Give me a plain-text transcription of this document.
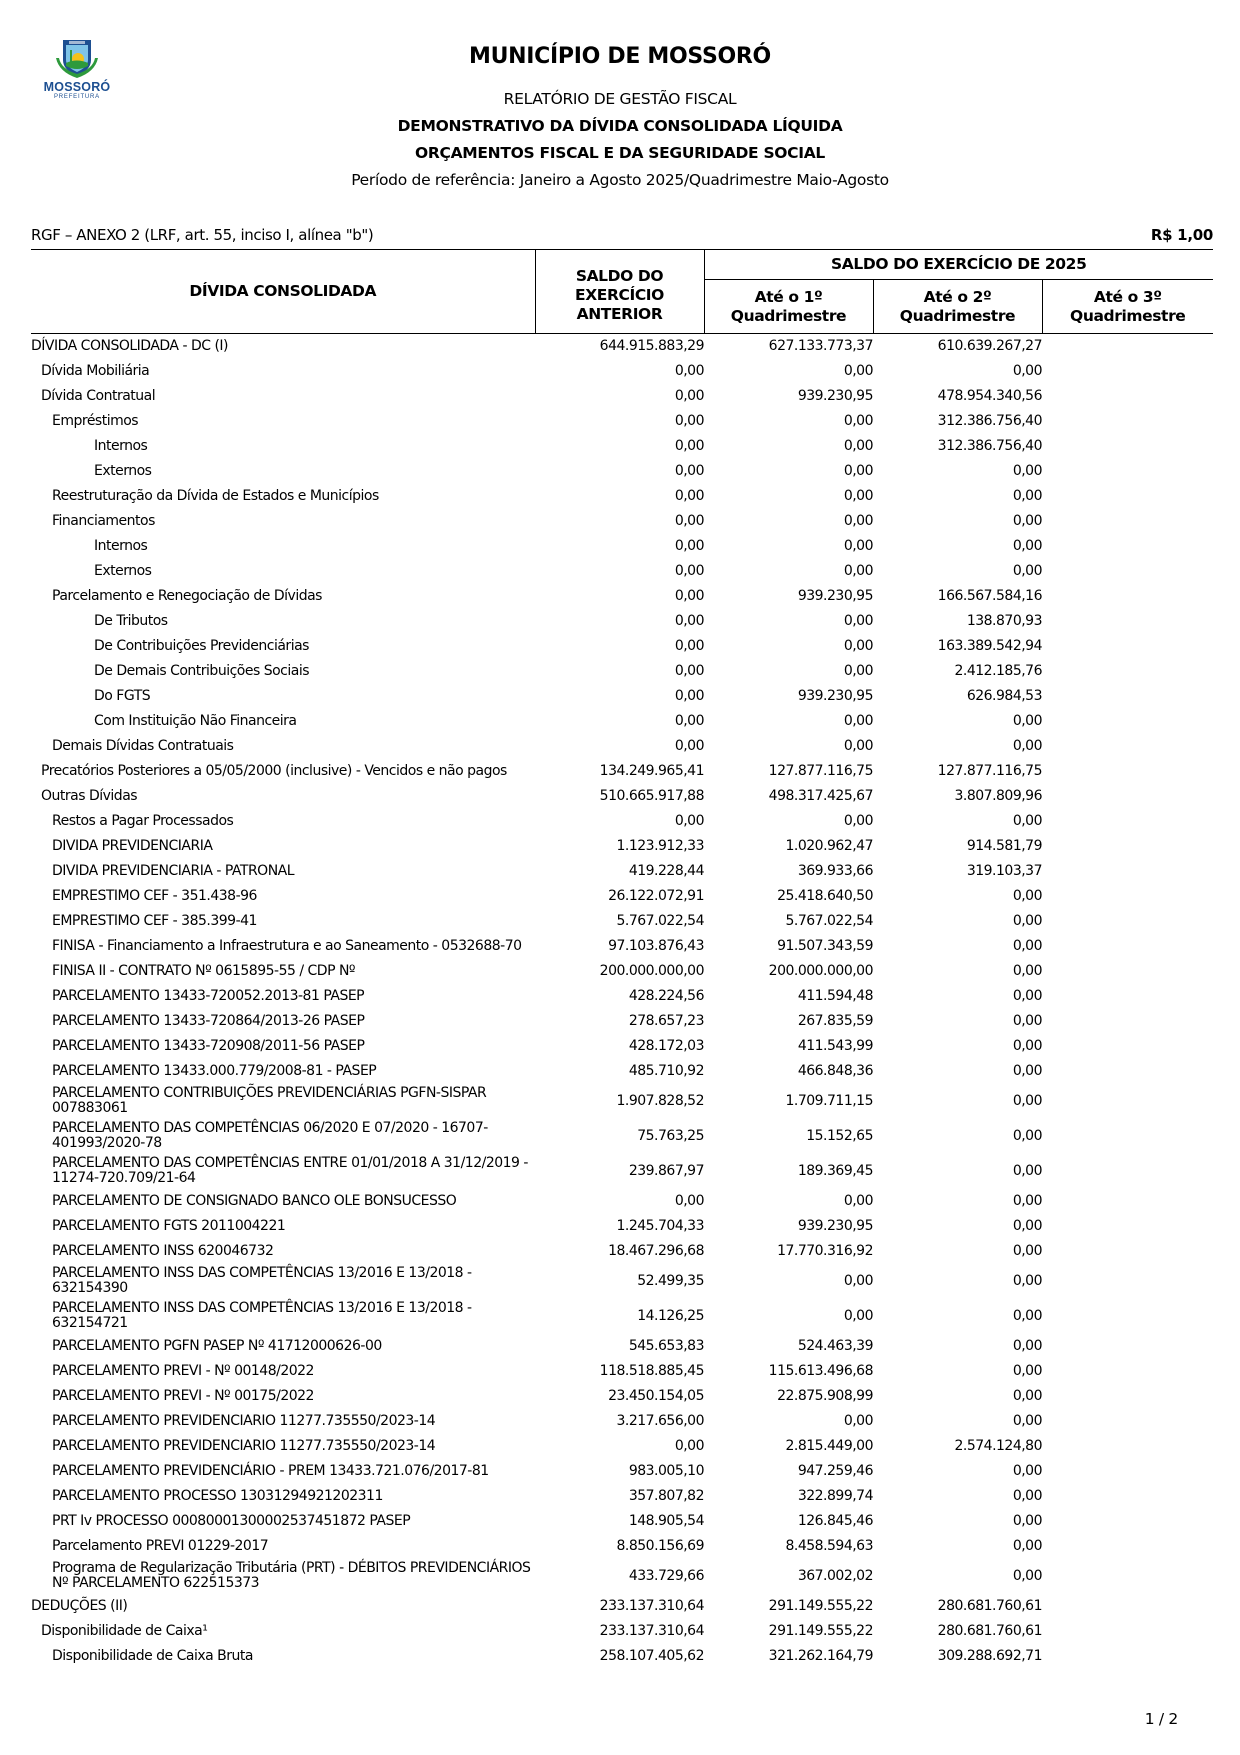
MOSSORÓ
PREFEITURA
MUNICÍPIO DE MOSSORÓ
RELATÓRIO DE GESTÃO FISCAL
DEMONSTRATIVO DA DÍVIDA CONSOLIDADA LÍQUIDA
ORÇAMENTOS FISCAL E DA SEGURIDADE SOCIAL
Período de referência: Janeiro a Agosto 2025/Quadrimestre Maio-Agosto
RGF – ANEXO 2 (LRF, art. 55, inciso I, alínea "b")	R$ 1,00
DÍVIDA CONSOLIDADA	SALDO DO EXERCÍCIO ANTERIOR	SALDO DO EXERCÍCIO DE 2025		
		Até o 1º Quadrimestre	Até o 2º Quadrimestre	Até o 3º Quadrimestre
DÍVIDA CONSOLIDADA - DC (I)	644.915.883,29	627.133.773,37	610.639.267,27	
Dívida Mobiliária	0,00	0,00	0,00	
Dívida Contratual	0,00	939.230,95	478.954.340,56	
Empréstimos	0,00	0,00	312.386.756,40	
Internos	0,00	0,00	312.386.756,40	
Externos	0,00	0,00	0,00	
Reestruturação da Dívida de Estados e Municípios	0,00	0,00	0,00	
Financiamentos	0,00	0,00	0,00	
Internos	0,00	0,00	0,00	
Externos	0,00	0,00	0,00	
Parcelamento e Renegociação de Dívidas	0,00	939.230,95	166.567.584,16	
De Tributos	0,00	0,00	138.870,93	
De Contribuições Previdenciárias	0,00	0,00	163.389.542,94	
De Demais Contribuições Sociais	0,00	0,00	2.412.185,76	
Do FGTS	0,00	939.230,95	626.984,53	
Com Instituição Não Financeira	0,00	0,00	0,00	
Demais Dívidas Contratuais	0,00	0,00	0,00	
Precatórios Posteriores a 05/05/2000 (inclusive) - Vencidos e não pagos	134.249.965,41	127.877.116,75	127.877.116,75	
Outras Dívidas	510.665.917,88	498.317.425,67	3.807.809,96	
Restos a Pagar Processados	0,00	0,00	0,00	
DIVIDA PREVIDENCIARIA	1.123.912,33	1.020.962,47	914.581,79	
DIVIDA PREVIDENCIARIA - PATRONAL	419.228,44	369.933,66	319.103,37	
EMPRESTIMO CEF - 351.438-96	26.122.072,91	25.418.640,50	0,00	
EMPRESTIMO CEF - 385.399-41	5.767.022,54	5.767.022,54	0,00	
FINISA - Financiamento a Infraestrutura e ao Saneamento - 0532688-70	97.103.876,43	91.507.343,59	0,00	
FINISA II - CONTRATO Nº 0615895-55 / CDP Nº	200.000.000,00	200.000.000,00	0,00	
PARCELAMENTO 13433-720052.2013-81 PASEP	428.224,56	411.594,48	0,00	
PARCELAMENTO 13433-720864/2013-26 PASEP	278.657,23	267.835,59	0,00	
PARCELAMENTO 13433-720908/2011-56 PASEP	428.172,03	411.543,99	0,00	
PARCELAMENTO 13433.000.779/2008-81 - PASEP	485.710,92	466.848,36	0,00	
PARCELAMENTO CONTRIBUIÇÕES PREVIDENCIÁRIAS PGFN-SISPAR 007883061	1.907.828,52	1.709.711,15	0,00	
PARCELAMENTO DAS COMPETÊNCIAS 06/2020 E 07/2020 - 16707-401993/2020-78	75.763,25	15.152,65	0,00	
PARCELAMENTO DAS COMPETÊNCIAS ENTRE 01/01/2018 A 31/12/2019 - 11274-720.709/21-64	239.867,97	189.369,45	0,00	
PARCELAMENTO DE CONSIGNADO BANCO OLE BONSUCESSO	0,00	0,00	0,00	
PARCELAMENTO FGTS 2011004221	1.245.704,33	939.230,95	0,00	
PARCELAMENTO INSS 620046732	18.467.296,68	17.770.316,92	0,00	
PARCELAMENTO INSS DAS COMPETÊNCIAS 13/2016 E 13/2018 - 632154390	52.499,35	0,00	0,00	
PARCELAMENTO INSS DAS COMPETÊNCIAS 13/2016 E 13/2018 - 632154721	14.126,25	0,00	0,00	
PARCELAMENTO PGFN PASEP Nº 41712000626-00	545.653,83	524.463,39	0,00	
PARCELAMENTO PREVI - Nº 00148/2022	118.518.885,45	115.613.496,68	0,00	
PARCELAMENTO PREVI - Nº 00175/2022	23.450.154,05	22.875.908,99	0,00	
PARCELAMENTO PREVIDENCIARIO 11277.735550/2023-14	3.217.656,00	0,00	0,00	
PARCELAMENTO PREVIDENCIARIO 11277.735550/2023-14	0,00	2.815.449,00	2.574.124,80	
PARCELAMENTO PREVIDENCIÁRIO - PREM 13433.721.076/2017-81	983.005,10	947.259,46	0,00	
PARCELAMENTO PROCESSO 13031294921202311	357.807,82	322.899,74	0,00	
PRT Iv PROCESSO 00080001300002537451872 PASEP	148.905,54	126.845,46	0,00	
Parcelamento PREVI 01229-2017	8.850.156,69	8.458.594,63	0,00	
Programa de Regularização Tributária (PRT) - DÉBITOS PREVIDENCIÁRIOS Nº PARCELAMENTO 622515373	433.729,66	367.002,02	0,00	
DEDUÇÕES (II)	233.137.310,64	291.149.555,22	280.681.760,61	
Disponibilidade de Caixa¹	233.137.310,64	291.149.555,22	280.681.760,61	
Disponibilidade de Caixa Bruta	258.107.405,62	321.262.164,79	309.288.692,71	
1 / 2
